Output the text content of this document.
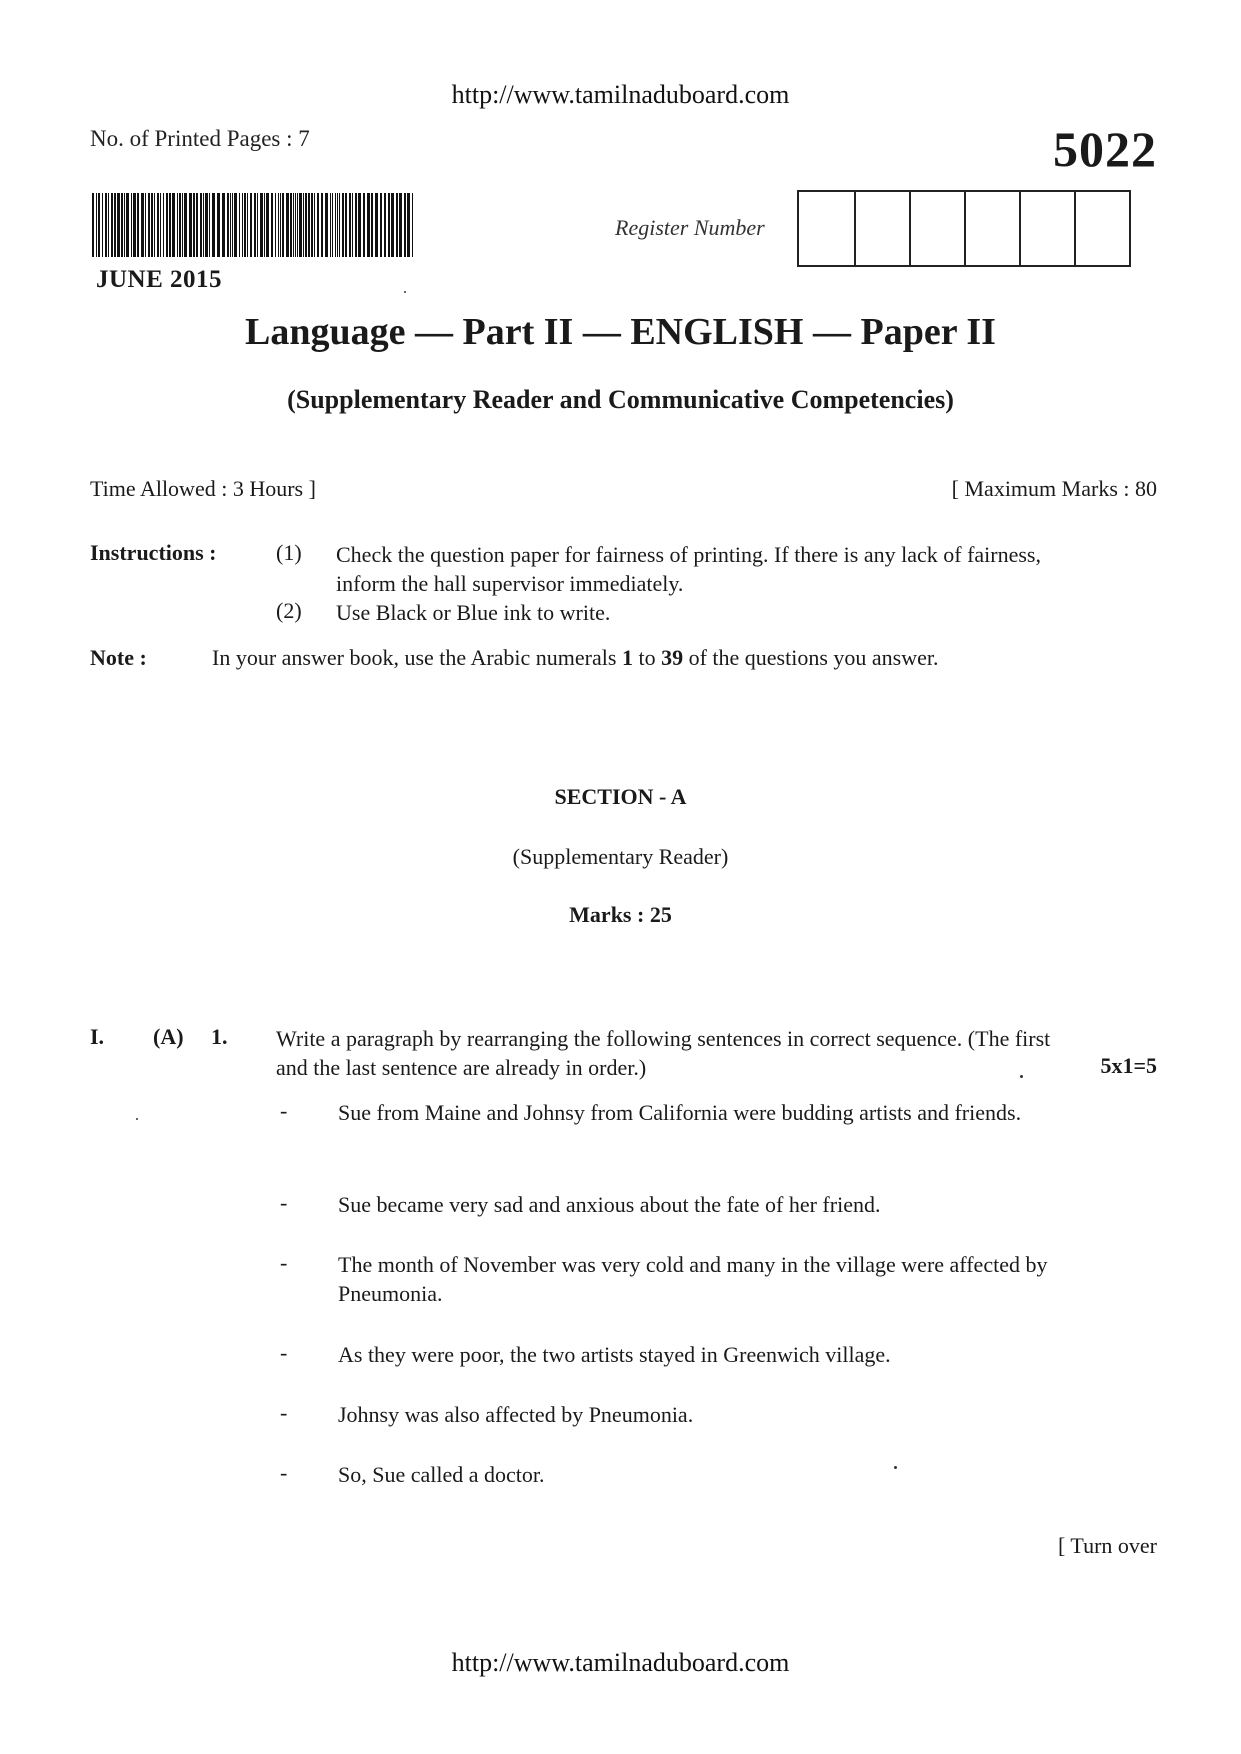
http://www.tamilnaduboard.com
No. of Printed Pages : 7	5022
JUNE 2015
Register Number
Language — Part II — ENGLISH — Paper II
(Supplementary Reader and Communicative Competencies)
Time Allowed : 3 Hours ]	[ Maximum Marks : 80
Instructions :	(1) Check the question paper for fairness of printing. If there is any lack of fairness, inform the hall supervisor immediately.
(2) Use Black or Blue ink to write.
Note :	In your answer book, use the Arabic numerals 1 to 39 of the questions you answer.
SECTION - A
(Supplementary Reader)
Marks : 25
I. (A) 1. Write a paragraph by rearranging the following sentences in correct sequence. (The first and the last sentence are already in order.)	5x1=5
- Sue from Maine and Johnsy from California were budding artists and friends.
- Sue became very sad and anxious about the fate of her friend.
- The month of November was very cold and many in the village were affected by Pneumonia.
- As they were poor, the two artists stayed in Greenwich village.
- Johnsy was also affected by Pneumonia.
- So, Sue called a doctor.
[ Turn over
http://www.tamilnaduboard.com
